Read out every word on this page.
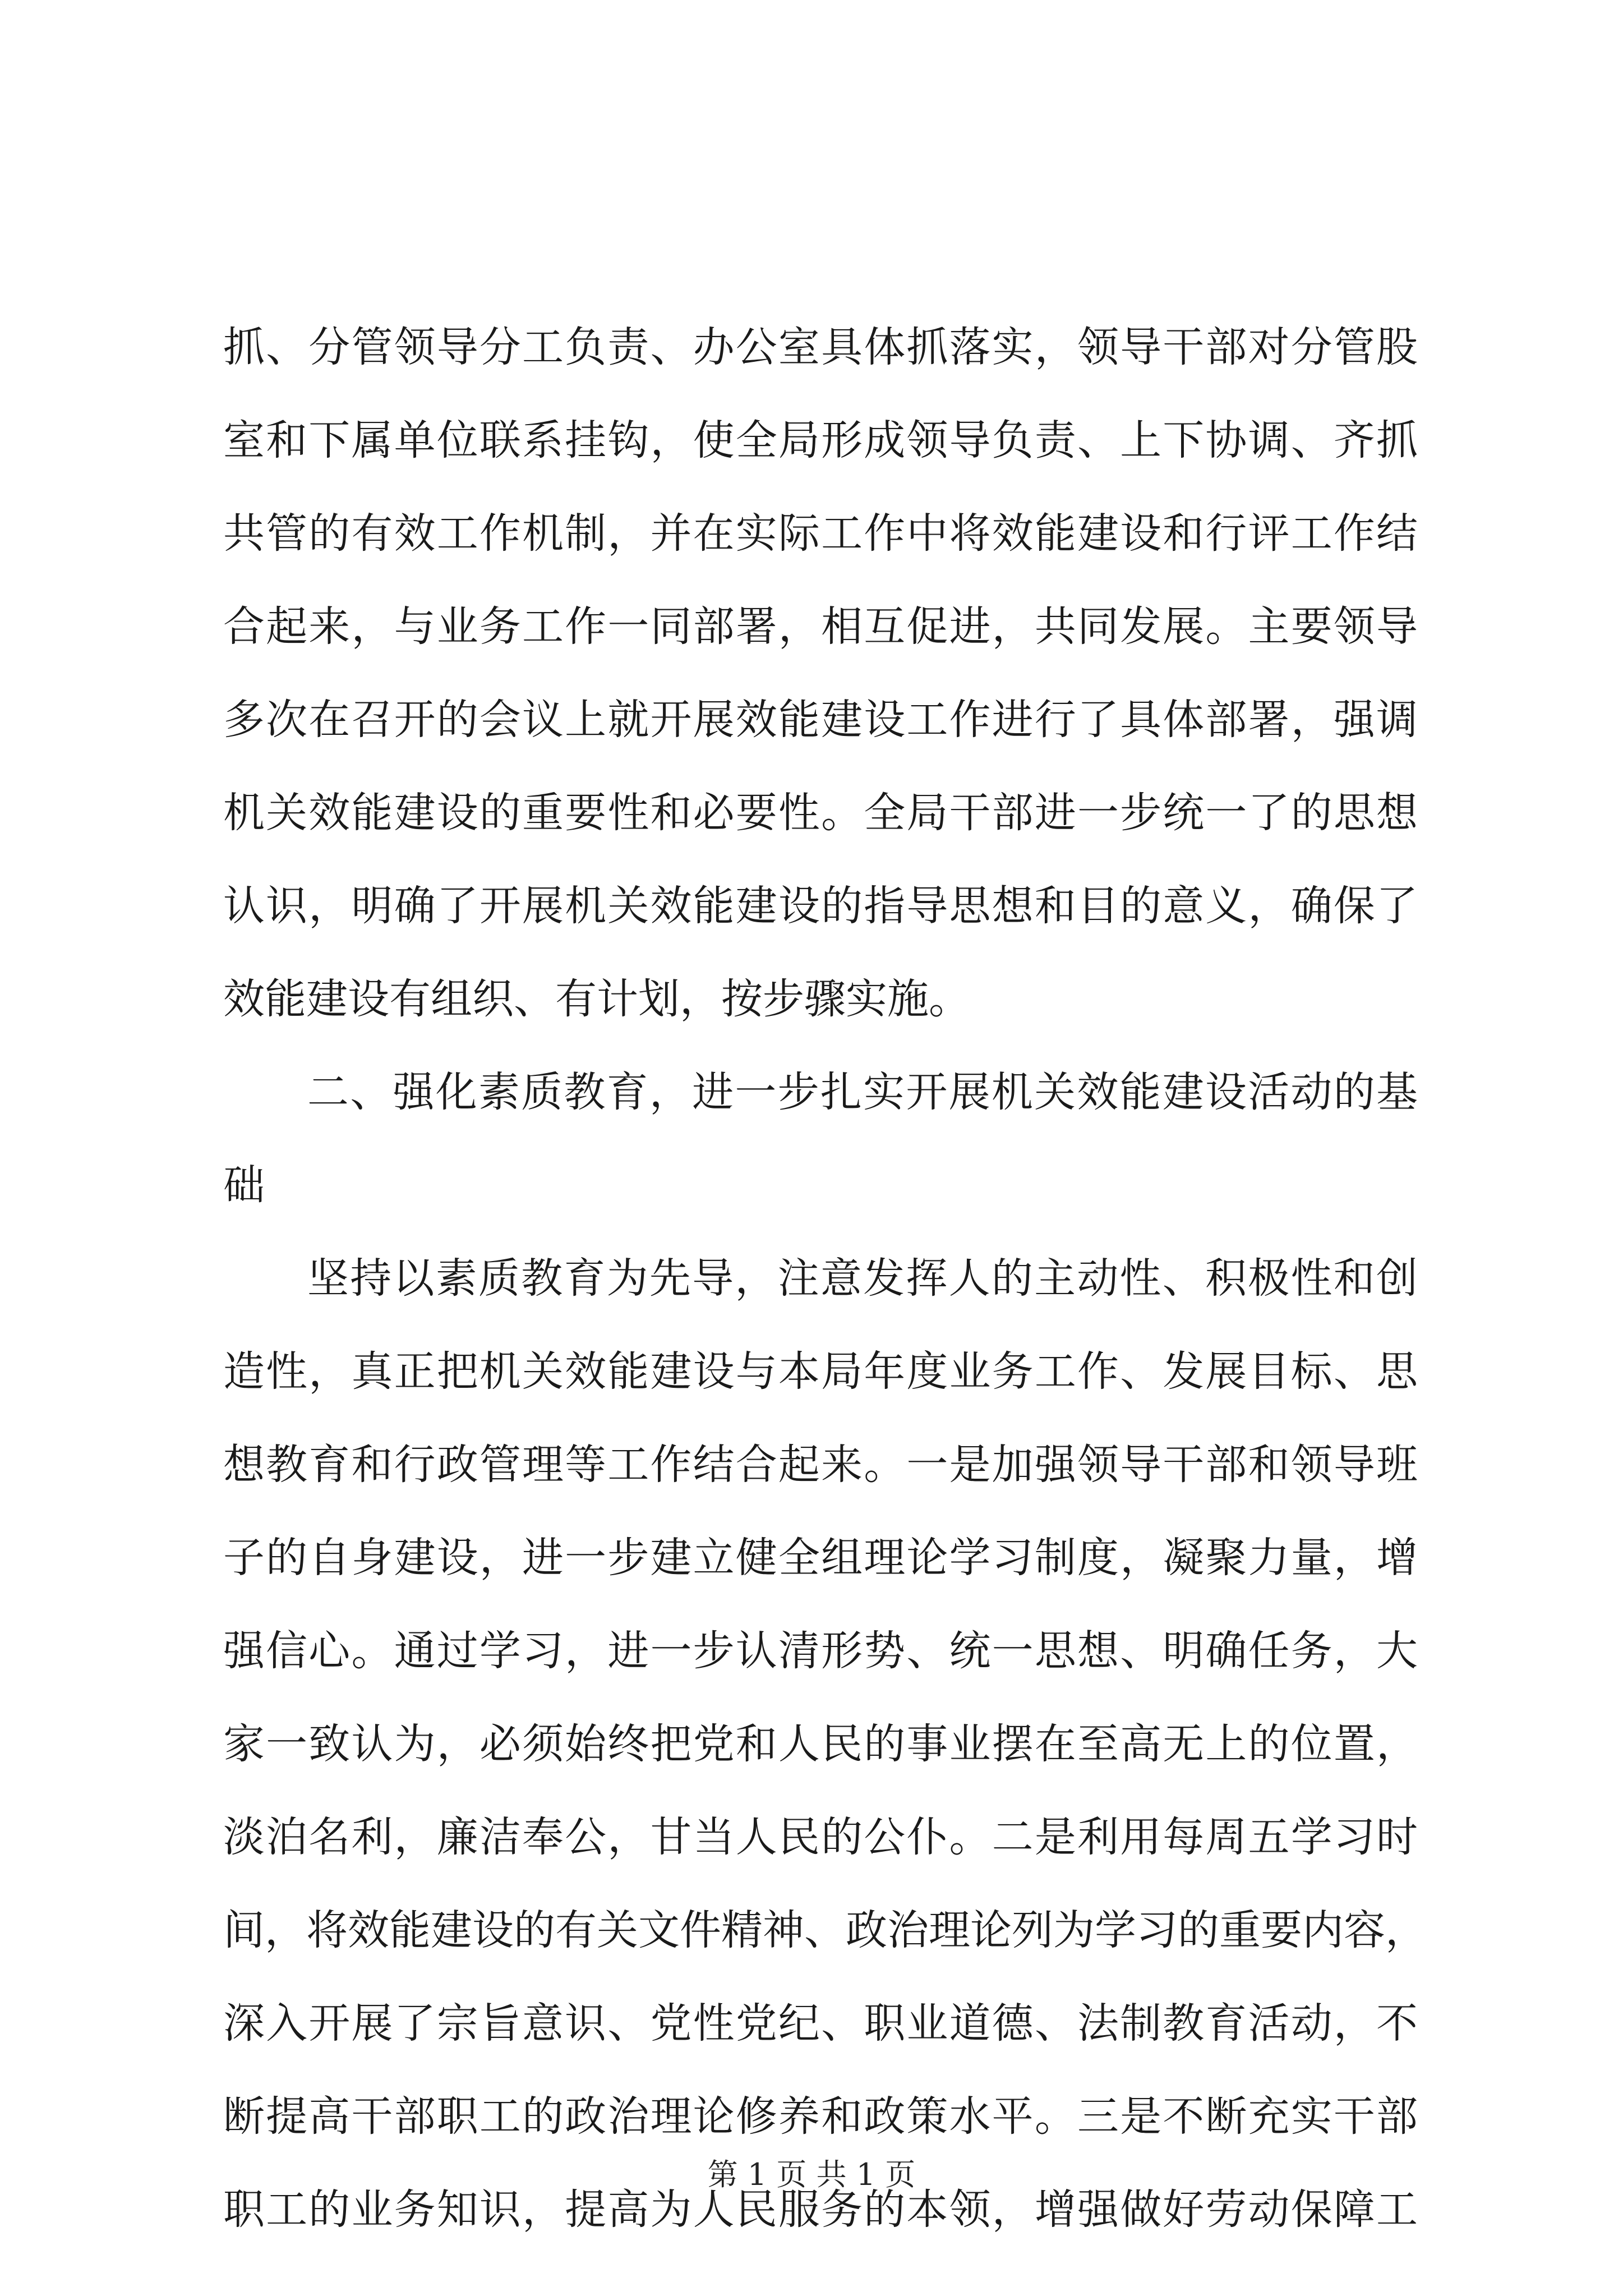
抓、分管领导分工负责、办公室具体抓落实，领导干部对分管股
室和下属单位联系挂钩，使全局形成领导负责、上下协调、齐抓
共管的有效工作机制，并在实际工作中将效能建设和行评工作结
合起来，与业务工作一同部署，相互促进，共同发展。主要领导
多次在召开的会议上就开展效能建设工作进行了具体部署，强调
机关效能建设的重要性和必要性。全局干部进一步统一了的思想
认识，明确了开展机关效能建设的指导思想和目的意义，确保了
效能建设有组织、有计划，按步骤实施。
二、强化素质教育，进一步扎实开展机关效能建设活动的基
础
坚持以素质教育为先导，注意发挥人的主动性、积极性和创
造性，真正把机关效能建设与本局年度业务工作、发展目标、思
想教育和行政管理等工作结合起来。一是加强领导干部和领导班
子的自身建设，进一步建立健全组理论学习制度，凝聚力量，增
强信心。通过学习，进一步认清形势、统一思想、明确任务，大
家一致认为，必须始终把党和人民的事业摆在至高无上的位置，
淡泊名利，廉洁奉公，甘当人民的公仆。二是利用每周五学习时
间，将效能建设的有关文件精神、政治理论列为学习的重要内容，
深入开展了宗旨意识、党性党纪、职业道德、法制教育活动，不
断提高干部职工的政治理论修养和政策水平。三是不断充实干部
职工的业务知识，提高为人民服务的本领，增强做好劳动保障工
第 1 页 共 1 页
